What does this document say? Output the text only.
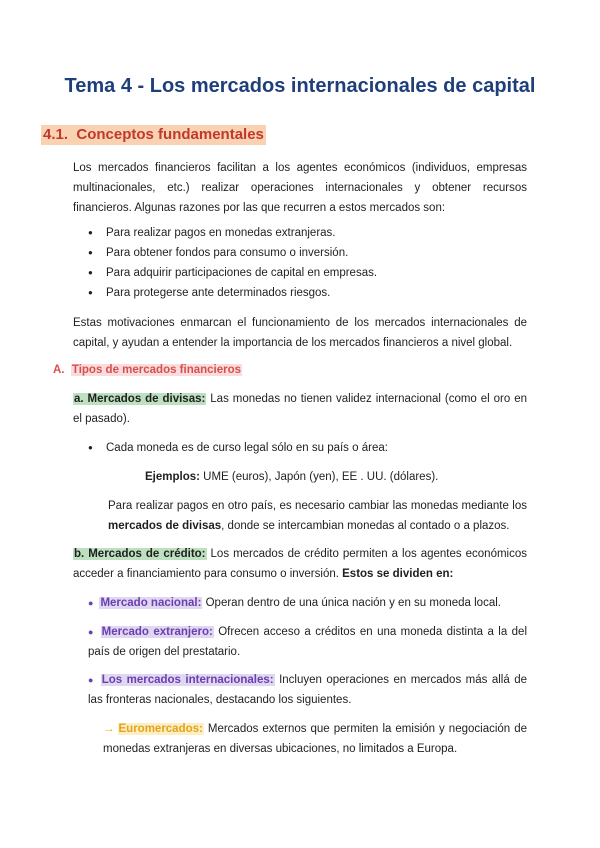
Tema 4 - Los mercados internacionales de capital
4.1. Conceptos fundamentales
Los mercados financieros facilitan a los agentes económicos (individuos, empresas multinacionales, etc.) realizar operaciones internacionales y obtener recursos financieros. Algunas razones por las que recurren a estos mercados son:
● Para realizar pagos en monedas extranjeras.
● Para obtener fondos para consumo o inversión.
● Para adquirir participaciones de capital en empresas.
● Para protegerse ante determinados riesgos.
Estas motivaciones enmarcan el funcionamiento de los mercados internacionales de capital, y ayudan a entender la importancia de los mercados financieros a nivel global.
A. Tipos de mercados financieros
a. Mercados de divisas: Las monedas no tienen validez internacional (como el oro en el pasado).
● Cada moneda es de curso legal sólo en su país o área:
Ejemplos: UME (euros), Japón (yen), EE . UU. (dólares).
Para realizar pagos en otro país, es necesario cambiar las monedas mediante los mercados de divisas, donde se intercambian monedas al contado o a plazos.
b. Mercados de crédito: Los mercados de crédito permiten a los agentes económicos acceder a financiamiento para consumo o inversión. Estos se dividen en:
● Mercado nacional: Operan dentro de una única nación y en su moneda local.
● Mercado extranjero: Ofrecen acceso a créditos en una moneda distinta a la del país de origen del prestatario.
● Los mercados internacionales: Incluyen operaciones en mercados más allá de las fronteras nacionales, destacando los siguientes.
→ Euromercados: Mercados externos que permiten la emisión y negociación de monedas extranjeras en diversas ubicaciones, no limitados a Europa.
